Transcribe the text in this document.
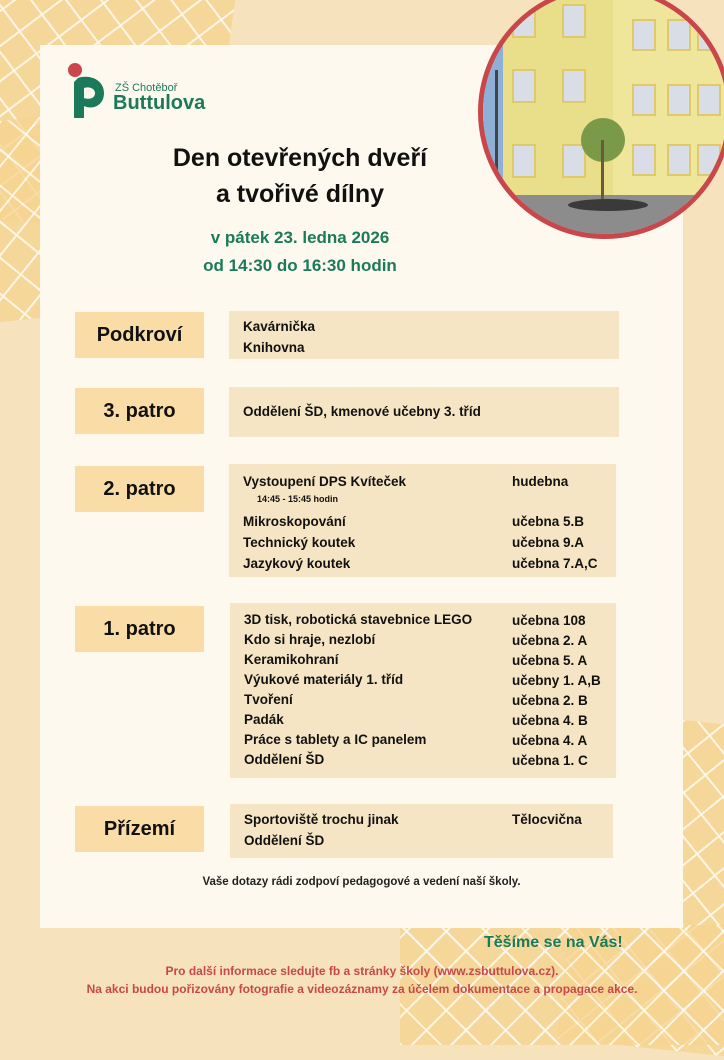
ZŠ Chotěboř
Buttulova
Den otevřených dveří
a tvořivé dílny
v pátek 23. ledna 2026
od 14:30 do 16:30 hodin
Podkroví	Kavárnička
Knihovna
3. patro	Oddělení ŠD, kmenové učebny 3. tříd
2. patro	Vystoupení DPS Kvíteček	hudebna
14:45 - 15:45 hodin
Mikroskopování	učebna 5.B
Technický koutek	učebna 9.A
Jazykový koutek	učebna 7.A,C
1. patro	3D tisk, robotická stavebnice LEGO	učebna 108
Kdo si hraje, nezlobí	učebna 2. A
Keramikohraní	učebna 5. A
Výukové materiály 1. tříd	učebny 1. A,B
Tvoření	učebna 2. B
Padák	učebna 4. B
Práce s tablety a IC panelem	učebna 4. A
Oddělení ŠD	učebna 1. C
Přízemí	Sportoviště trochu jinak	Tělocvična
Oddělení ŠD
Vaše dotazy rádi zodpoví pedagogové a vedení naší školy.
Těšíme se na Vás!
Pro další informace sledujte fb a stránky školy (www.zsbuttulova.cz).
Na akci budou pořizovány fotografie a videozáznamy za účelem dokumentace a propagace akce.
